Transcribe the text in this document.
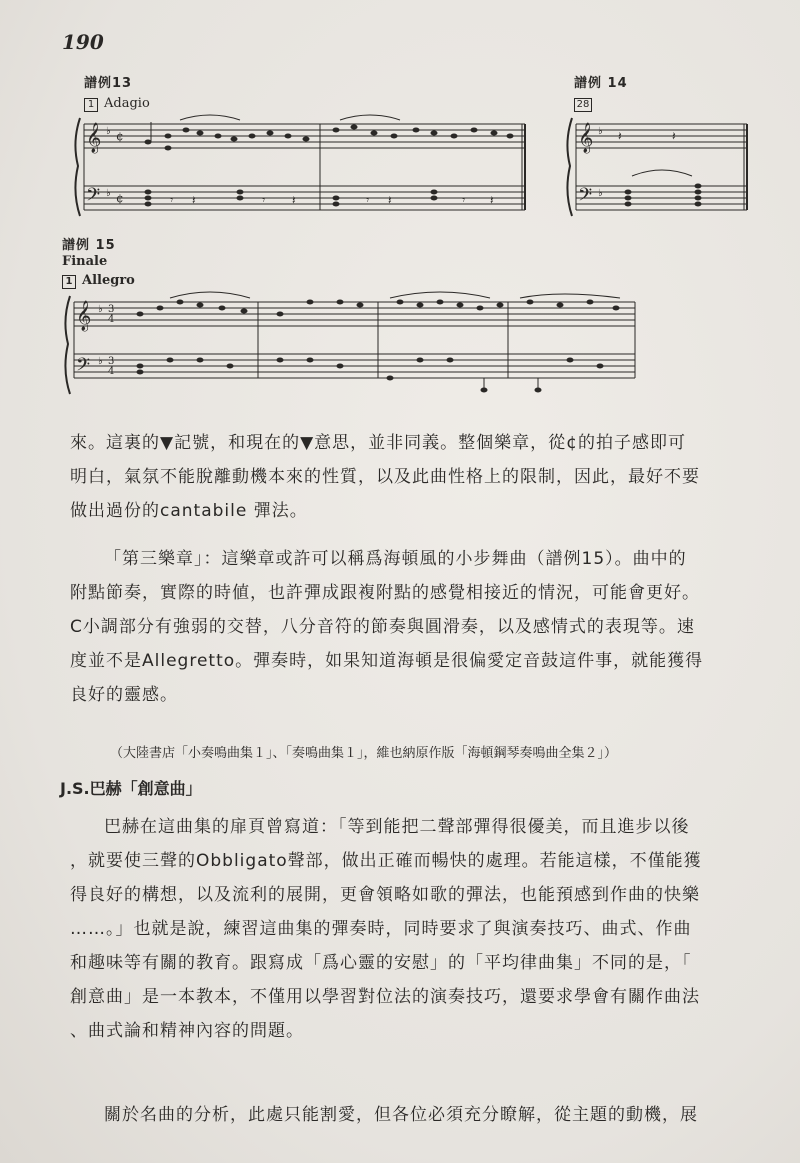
190
譜例13
1 Adagio
𝄞
𝄢
♭
♭
¢
¢	𝄾 𝄽	𝄾 𝄽	𝄾 𝄽	𝄾 𝄽
譜例 14
28
𝄞
𝄢
♭
♭
𝄽	𝄽
譜例 15
Finale
1 Allegro
𝄞
𝄢
♭
♭
3
4
3
4
來。這裏的▼記號，和現在的▼意思，並非同義。整個樂章，從¢的拍子感即可
明白，氣氛不能脫離動機本來的性質，以及此曲性格上的限制，因此，最好不要
做出過份的cantabile 彈法。
「第三樂章」：這樂章或許可以稱爲海頓風的小步舞曲（譜例15）。曲中的
附點節奏，實際的時値，也許彈成跟複附點的感覺相接近的情況，可能會更好。
C小調部分有強弱的交替，八分音符的節奏與圓滑奏，以及感情式的表現等。速
度並不是Allegretto。彈奏時，如果知道海頓是很偏愛定音鼓這件事，就能獲得
良好的靈感。
（大陸書店「小奏鳴曲集１」、「奏鳴曲集１」，維也納原作版「海頓鋼琴奏鳴曲全集２」）
J.S.巴赫「創意曲」
巴赫在這曲集的扉頁曾寫道：「等到能把二聲部彈得很優美，而且進步以後
，就要使三聲的Obbligato聲部，做出正確而暢快的處理。若能這樣，不僅能獲
得良好的構想，以及流利的展開，更會領略如歌的彈法，也能預感到作曲的快樂
……。」也就是說，練習這曲集的彈奏時，同時要求了與演奏技巧、曲式、作曲
和趣味等有關的教育。跟寫成「爲心靈的安慰」的「平均律曲集」不同的是，「
創意曲」是一本教本，不僅用以學習對位法的演奏技巧，還要求學會有關作曲法
、曲式論和精神內容的問題。
關於名曲的分析，此處只能割愛，但各位必須充分瞭解，從主題的動機，展
